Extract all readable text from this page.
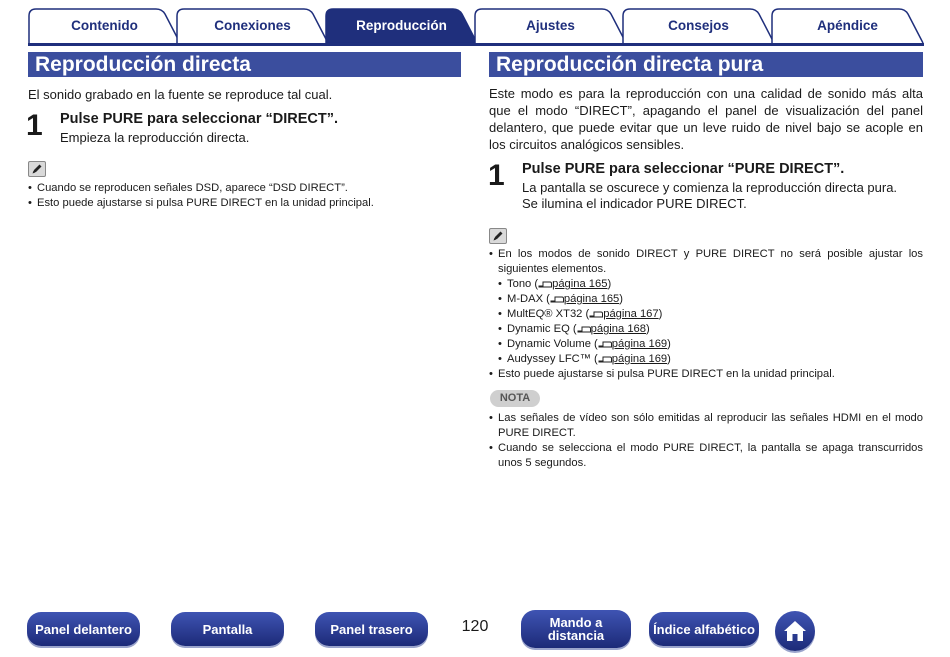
Contenido	Conexiones	Reproducción	Ajustes	Consejos	Apéndice
Reproducción directa
El sonido grabado en la fuente se reproduce tal cual.
1 Pulse PURE para seleccionar “DIRECT”.
Empieza la reproducción directa.
• Cuando se reproducen señales DSD, aparece “DSD DIRECT”.
• Esto puede ajustarse si pulsa PURE DIRECT en la unidad principal.
Reproducción directa pura
Este modo es para la reproducción con una calidad de sonido más alta que el modo “DIRECT”, apagando el panel de visualización del panel delantero, que puede evitar que un leve ruido de nivel bajo se acople en los circuitos analógicos sensibles.
1 Pulse PURE para seleccionar “PURE DIRECT”.
La pantalla se oscurece y comienza la reproducción directa pura.
Se ilumina el indicador PURE DIRECT.
• En los modos de sonido DIRECT y PURE DIRECT no será posible ajustar los siguientes elementos.
• Tono ( página 165)
• M-DAX ( página 165)
• MultEQ® XT32 ( página 167)
• Dynamic EQ ( página 168)
• Dynamic Volume ( página 169)
• Audyssey LFC™ ( página 169)
• Esto puede ajustarse si pulsa PURE DIRECT en la unidad principal.
NOTA
• Las señales de vídeo son sólo emitidas al reproducir las señales HDMI en el modo PURE DIRECT.
• Cuando se selecciona el modo PURE DIRECT, la pantalla se apaga transcurridos unos 5 segundos.
Panel delantero	Pantalla	Panel trasero	120	Mando a distancia	Índice alfabético
